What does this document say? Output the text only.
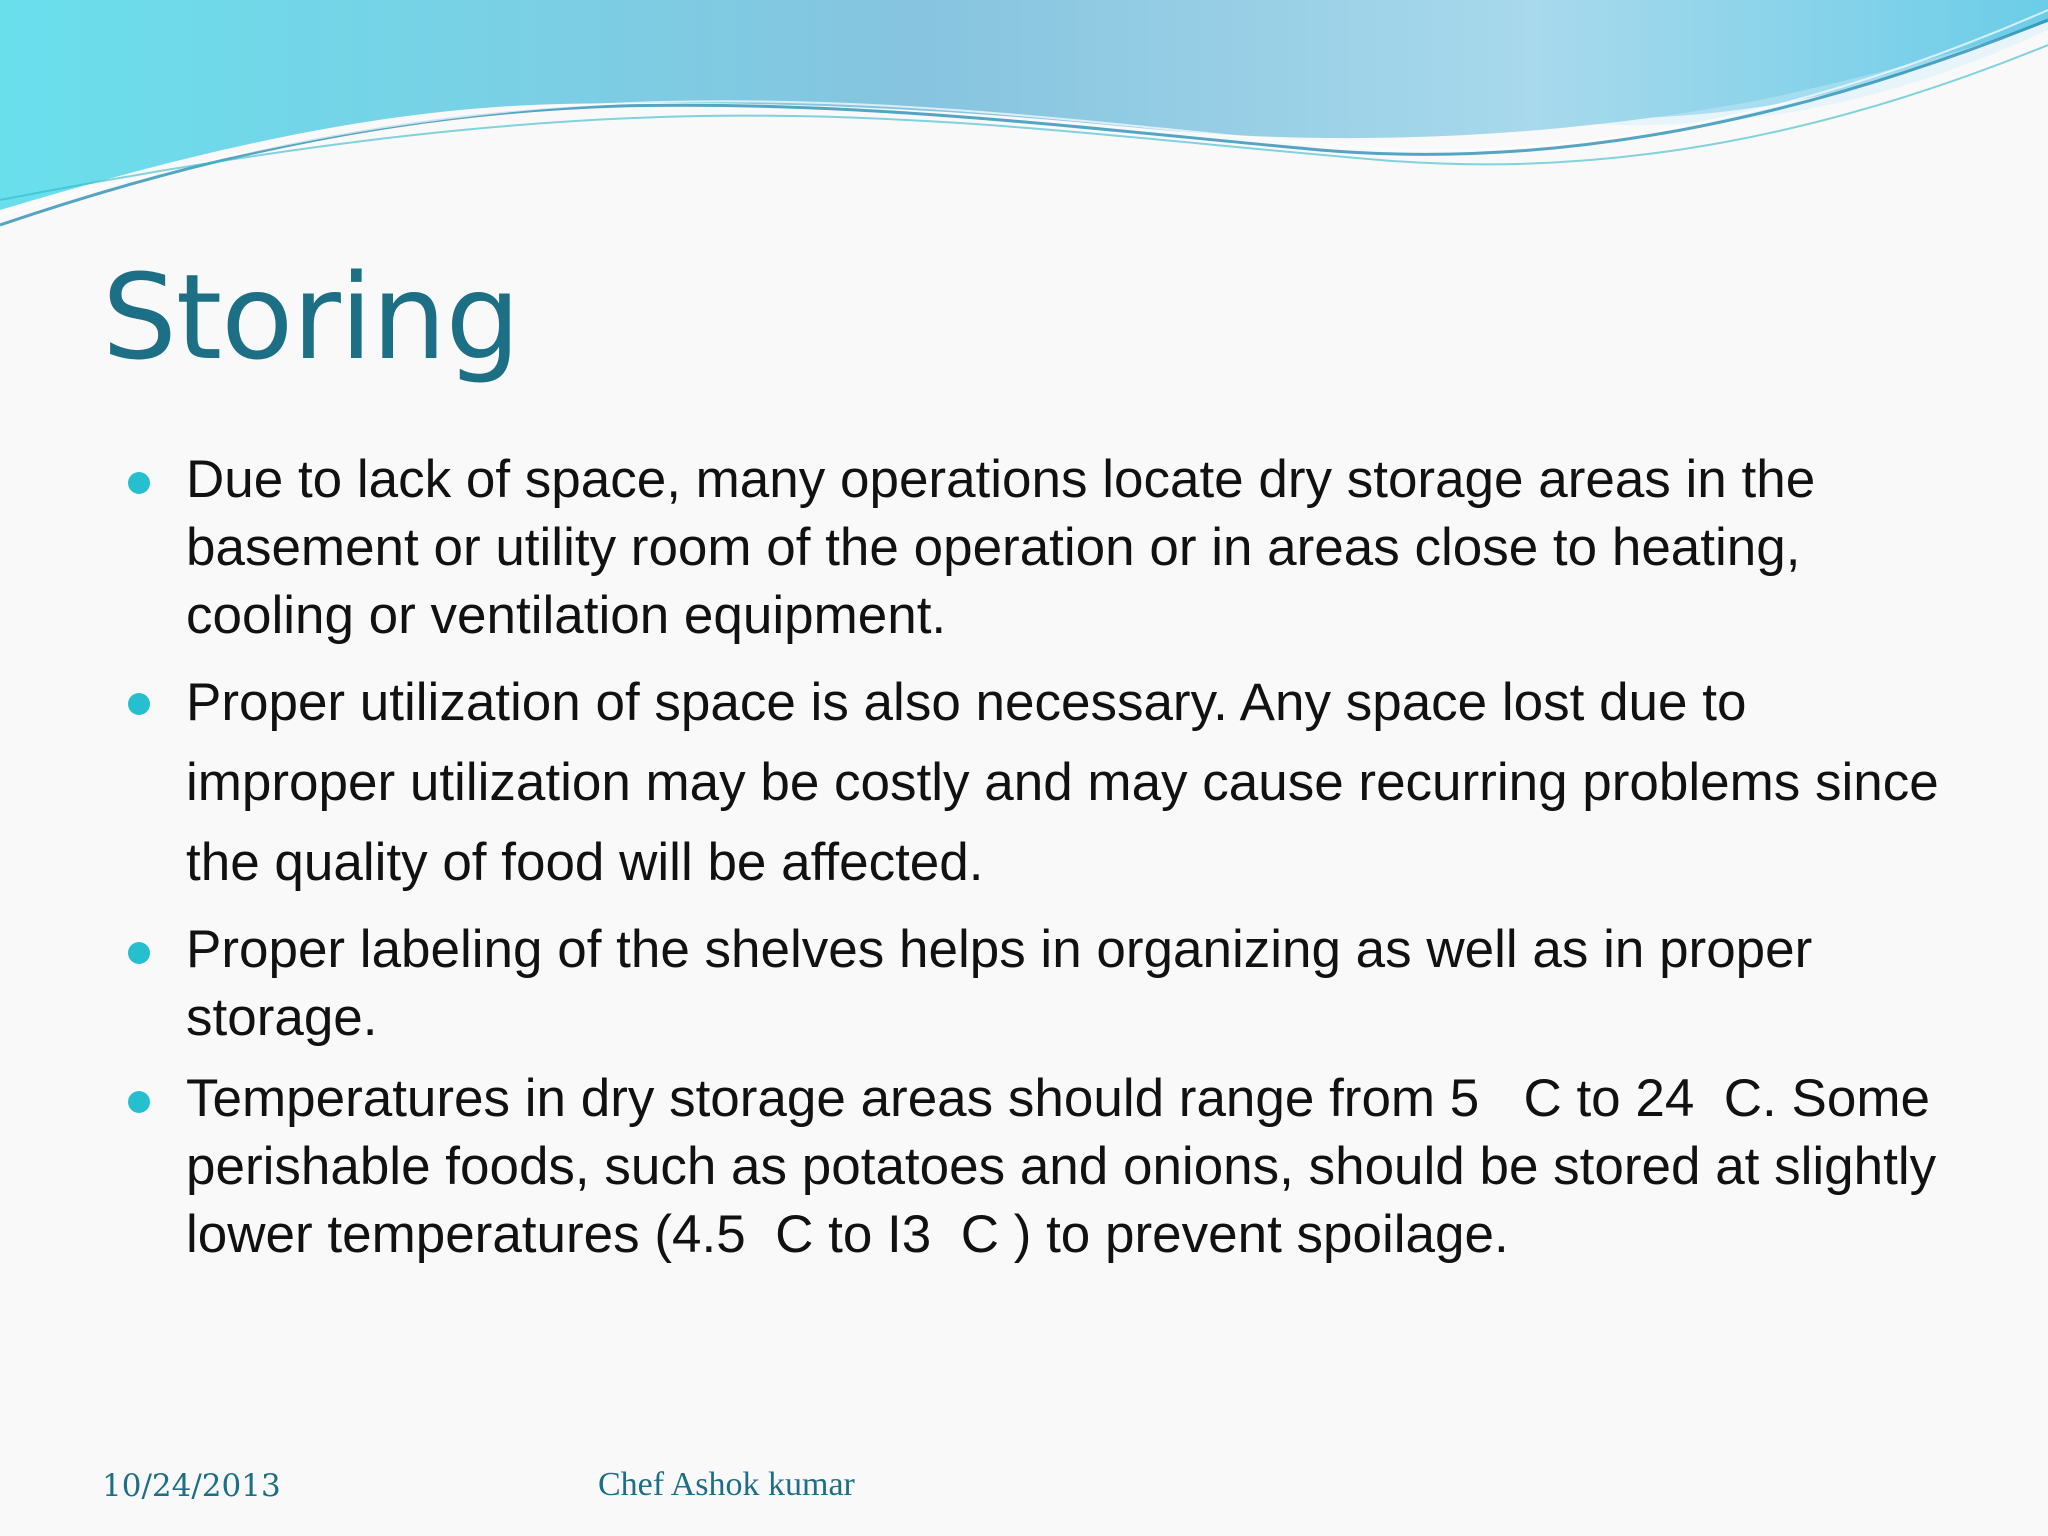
Storing
Due to lack of space, many operations locate dry storage areas in the basement or utility room of the operation or in areas close to heating, cooling or ventilation equipment.
Proper utilization of space is also necessary. Any space lost due to improper utilization may be costly and may cause recurring problems since the quality of food will be affected.
Proper labeling of the shelves helps in organizing as well as in proper storage.
Temperatures in dry storage areas should range from 5   C to 24  C. Some perishable foods, such as potatoes and onions, should be stored at slightly lower temperatures (4.5  C to I3  C ) to prevent spoilage.
10/24/2013	Chef Ashok kumar
